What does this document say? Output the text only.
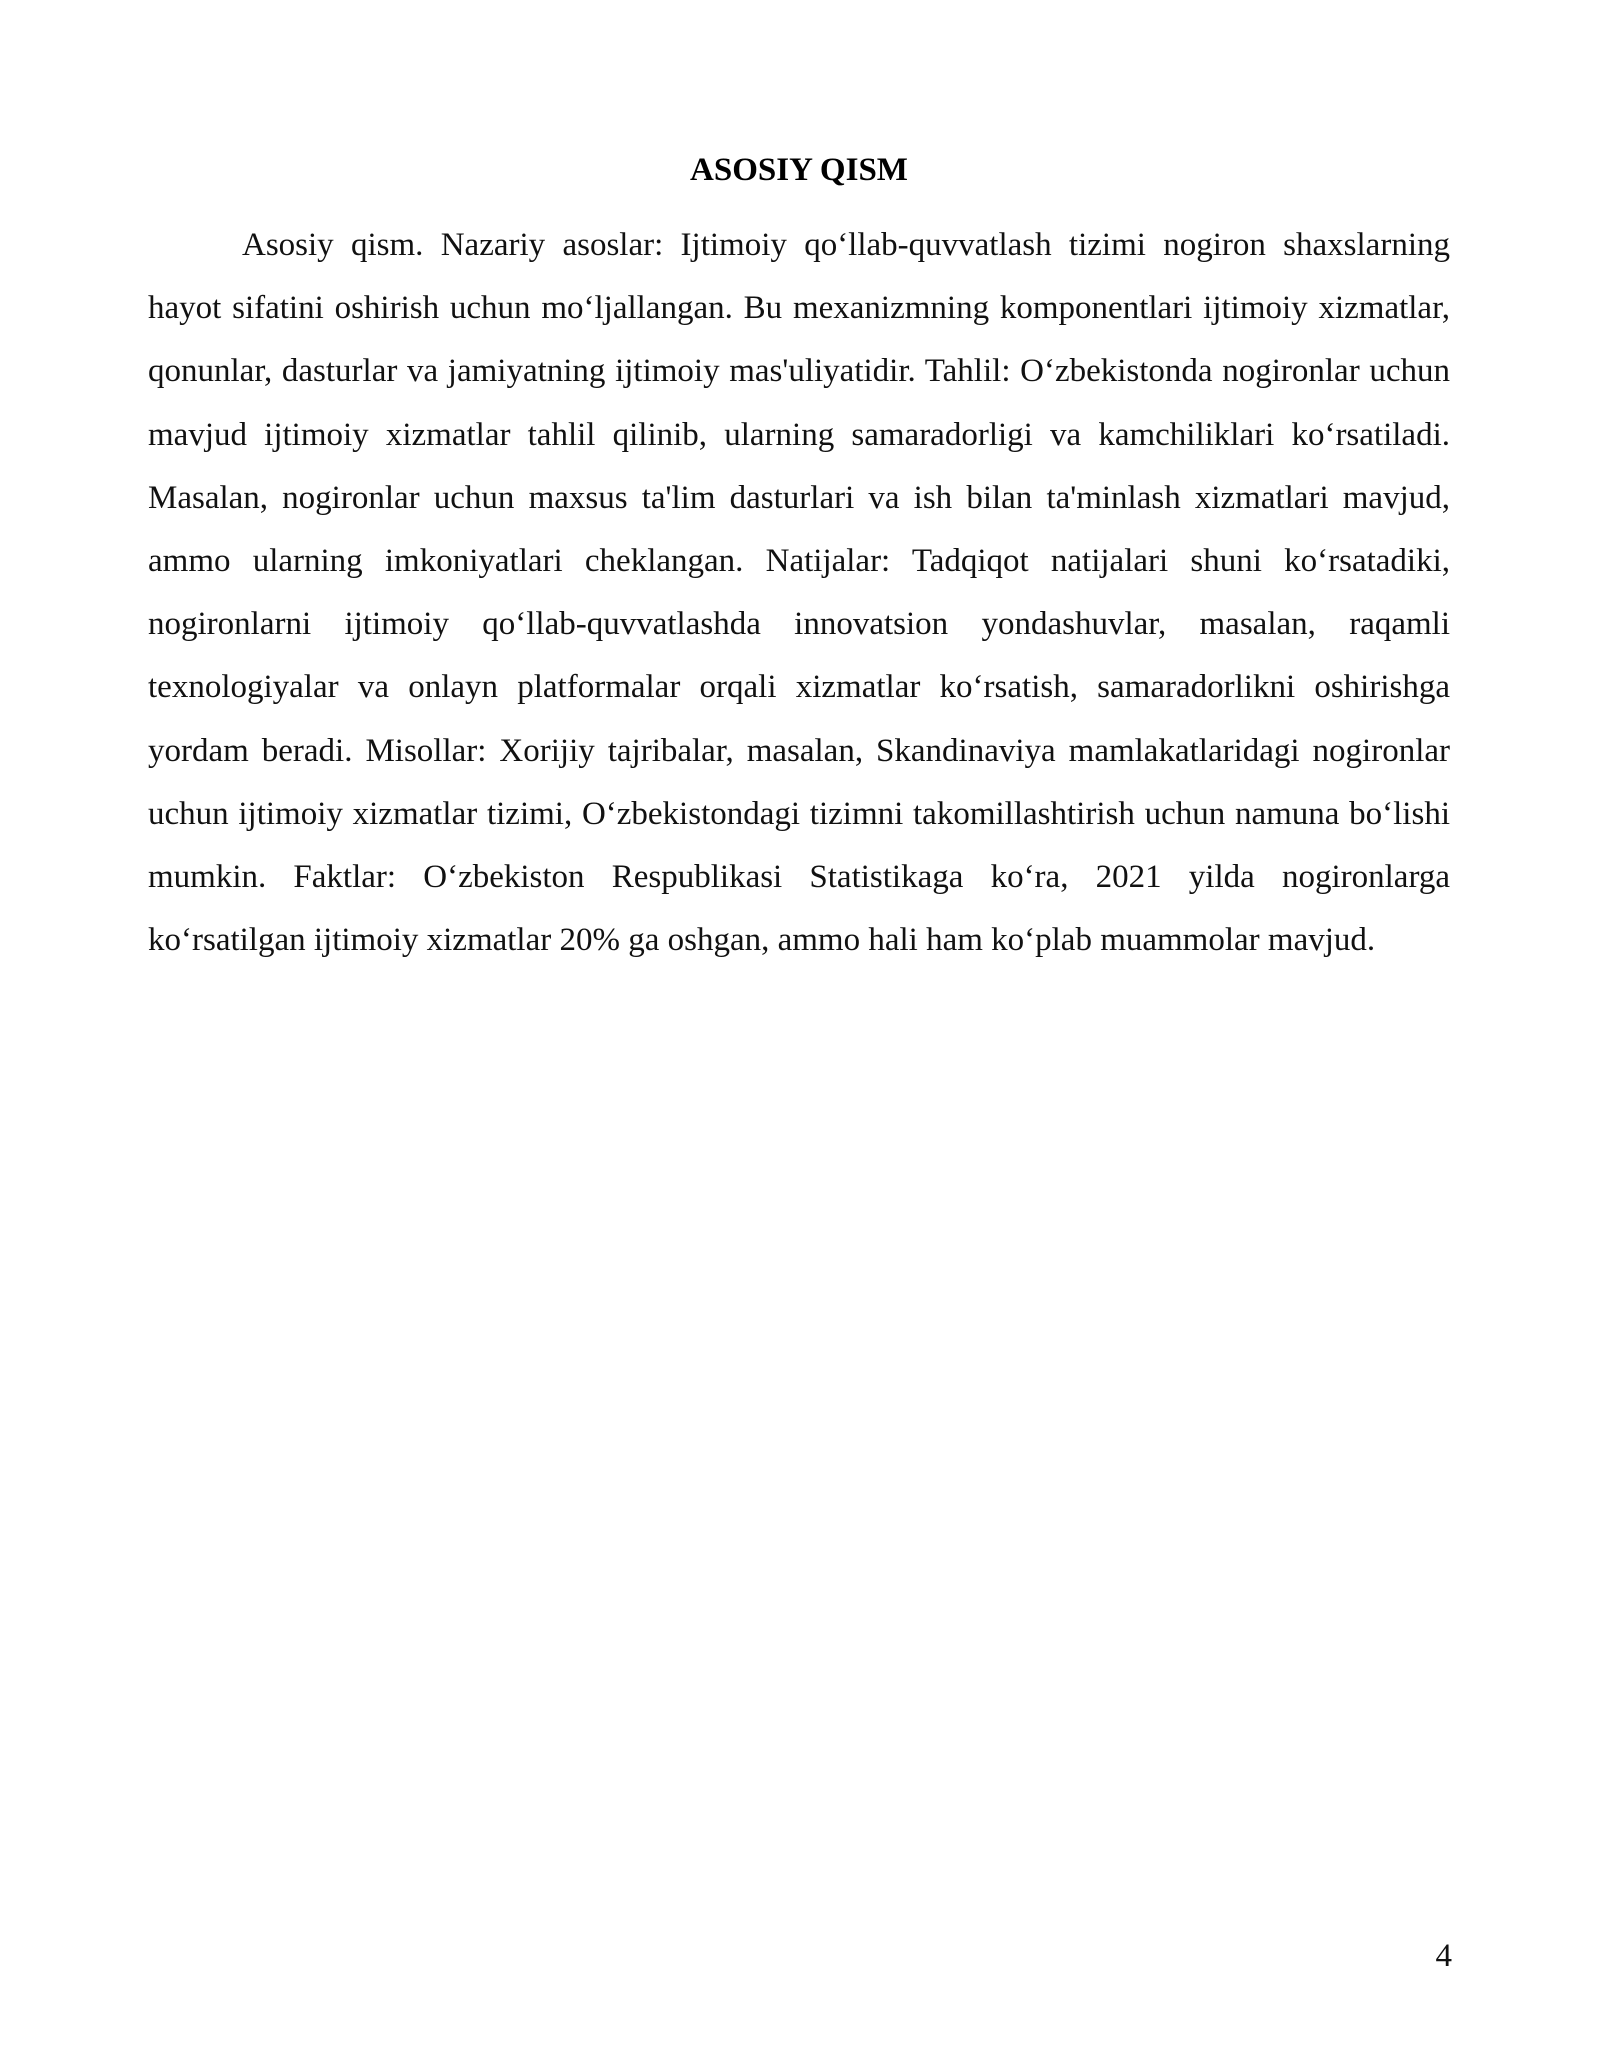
ASOSIY QISM

Asosiy qism. Nazariy asoslar: Ijtimoiy qo‘llab-quvvatlash tizimi nogiron shaxslarning hayot sifatini oshirish uchun mo‘ljallangan. Bu mexanizmning komponentlari ijtimoiy xizmatlar, qonunlar, dasturlar va jamiyatning ijtimoiy mas'uliyatidir. Tahlil: O‘zbekistonda nogironlar uchun mavjud ijtimoiy xizmatlar tahlil qilinib, ularning samaradorligi va kamchiliklari ko‘rsatiladi. Masalan, nogironlar uchun maxsus ta'lim dasturlari va ish bilan ta'minlash xizmatlari mavjud, ammo ularning imkoniyatlari cheklangan. Natijalar: Tadqiqot natijalari shuni ko‘rsatadiki, nogironlarni ijtimoiy qo‘llab-quvvatlashda innovatsion yondashuvlar, masalan, raqamli texnologiyalar va onlayn platformalar orqali xizmatlar ko‘rsatish, samaradorlikni oshirishga yordam beradi. Misollar: Xorijiy tajribalar, masalan, Skandinaviya mamlakatlaridagi nogironlar uchun ijtimoiy xizmatlar tizimi, O‘zbekistondagi tizimni takomillashtirish uchun namuna bo‘lishi mumkin. Faktlar: O‘zbekiston Respublikasi Statistikaga ko‘ra, 2021 yilda nogironlarga ko‘rsatilgan ijtimoiy xizmatlar 20% ga oshgan, ammo hali ham ko‘plab muammolar mavjud.

4
